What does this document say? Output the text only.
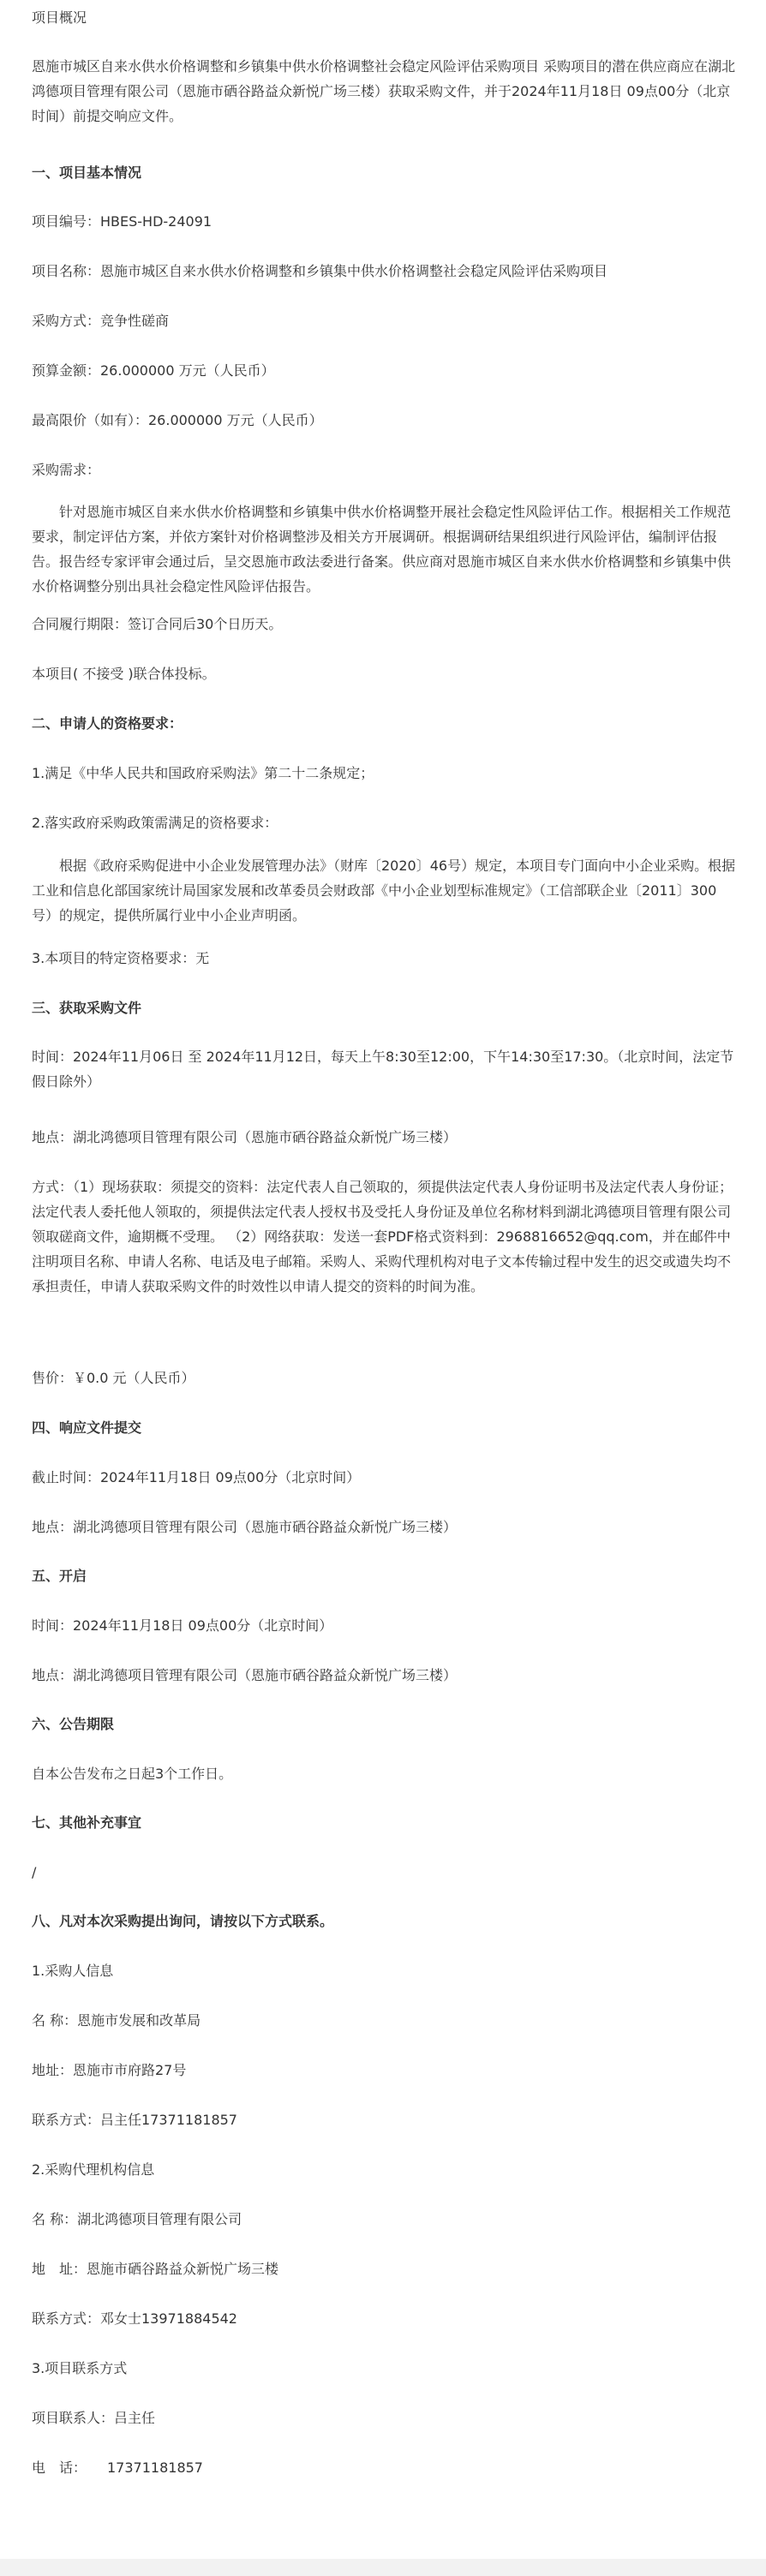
项目概况

恩施市城区自来水供水价格调整和乡镇集中供水价格调整社会稳定风险评估采购项目 采购项目的潜在供应商应在湖北鸿德项目管理有限公司（恩施市硒谷路益众新悦广场三楼）获取采购文件，并于2024年11月18日 09点00分（北京时间）前提交响应文件。

一、项目基本情况

项目编号：HBES-HD-24091

项目名称：恩施市城区自来水供水价格调整和乡镇集中供水价格调整社会稳定风险评估采购项目

采购方式：竞争性磋商

预算金额：26.000000 万元（人民币）

最高限价（如有）：26.000000 万元（人民币）

采购需求：

针对恩施市城区自来水供水价格调整和乡镇集中供水价格调整开展社会稳定性风险评估工作。根据相关工作规范要求，制定评估方案，并依方案针对价格调整涉及相关方开展调研。根据调研结果组织进行风险评估，编制评估报告。报告经专家评审会通过后，呈交恩施市政法委进行备案。供应商对恩施市城区自来水供水价格调整和乡镇集中供水价格调整分别出具社会稳定性风险评估报告。

合同履行期限：签订合同后30个日历天。

本项目( 不接受 )联合体投标。

二、申请人的资格要求：

1.满足《中华人民共和国政府采购法》第二十二条规定；

2.落实政府采购政策需满足的资格要求：

根据《政府采购促进中小企业发展管理办法》（财库〔2020〕46号）规定，本项目专门面向中小企业采购。根据工业和信息化部国家统计局国家发展和改革委员会财政部《中小企业划型标准规定》（工信部联企业〔2011〕300 号）的规定，提供所属行业中小企业声明函。

3.本项目的特定资格要求：无

三、获取采购文件

时间：2024年11月06日 至 2024年11月12日，每天上午8:30至12:00，下午14:30至17:30。（北京时间，法定节假日除外）

地点：湖北鸿德项目管理有限公司（恩施市硒谷路益众新悦广场三楼）

方式：（1）现场获取：须提交的资料：法定代表人自己领取的，须提供法定代表人身份证明书及法定代表人身份证；法定代表人委托他人领取的，须提供法定代表人授权书及受托人身份证及单位名称材料到湖北鸿德项目管理有限公司领取磋商文件，逾期概不受理。 （2）网络获取：发送一套PDF格式资料到：2968816652@qq.com，并在邮件中注明项目名称、申请人名称、电话及电子邮箱。采购人、采购代理机构对电子文本传输过程中发生的迟交或遗失均不承担责任，申请人获取采购文件的时效性以申请人提交的资料的时间为准。

售价：￥0.0 元（人民币）

四、响应文件提交

截止时间：2024年11月18日 09点00分（北京时间）

地点：湖北鸿德项目管理有限公司（恩施市硒谷路益众新悦广场三楼）

五、开启

时间：2024年11月18日 09点00分（北京时间）

地点：湖北鸿德项目管理有限公司（恩施市硒谷路益众新悦广场三楼）

六、公告期限

自本公告发布之日起3个工作日。

七、其他补充事宜

/

八、凡对本次采购提出询问，请按以下方式联系。

1.采购人信息

名 称：恩施市发展和改革局

地址：恩施市市府路27号

联系方式：吕主任17371181857

2.采购代理机构信息

名 称：湖北鸿德项目管理有限公司

地　址：恩施市硒谷路益众新悦广场三楼

联系方式：邓女士13971884542

3.项目联系方式

项目联系人：吕主任

电　话：　　17371181857
